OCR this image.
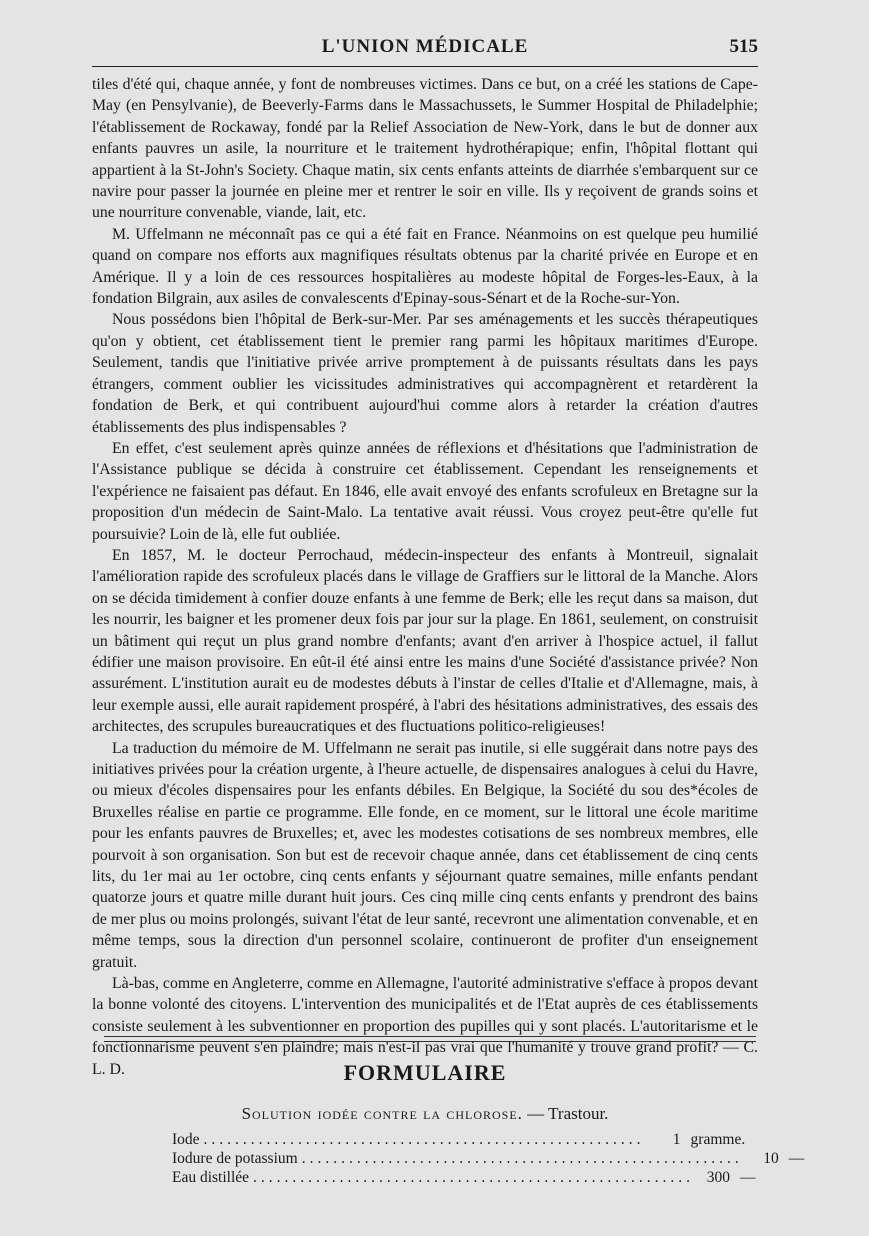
L'UNION MÉDICALE	515

tiles d'été qui, chaque année, y font de nombreuses victimes. Dans ce but, on a créé les stations de Cape-May (en Pensylvanie), de Beeverly-Farms dans le Massachussets, le Summer Hospital de Philadelphie; l'établissement de Rockaway, fondé par la Relief Association de New-York, dans le but de donner aux enfants pauvres un asile, la nourriture et le traitement hydrothérapique; enfin, l'hôpital flottant qui appartient à la St-John's Society. Chaque matin, six cents enfants atteints de diarrhée s'embarquent sur ce navire pour passer la journée en pleine mer et rentrer le soir en ville. Ils y reçoivent de grands soins et une nourriture convenable, viande, lait, etc.

M. Uffelmann ne méconnaît pas ce qui a été fait en France. Néanmoins on est quelque peu humilié quand on compare nos efforts aux magnifiques résultats obtenus par la charité privée en Europe et en Amérique. Il y a loin de ces ressources hospitalières au modeste hôpital de Forges-les-Eaux, à la fondation Bilgrain, aux asiles de convalescents d'Epinay-sous-Sénart et de la Roche-sur-Yon.

Nous possédons bien l'hôpital de Berk-sur-Mer. Par ses aménagements et les succès thérapeutiques qu'on y obtient, cet établissement tient le premier rang parmi les hôpitaux maritimes d'Europe. Seulement, tandis que l'initiative privée arrive promptement à de puissants résultats dans les pays étrangers, comment oublier les vicissitudes administratives qui accompagnèrent et retardèrent la fondation de Berk, et qui contribuent aujourd'hui comme alors à retarder la création d'autres établissements des plus indispensables ?

En effet, c'est seulement après quinze années de réflexions et d'hésitations que l'administration de l'Assistance publique se décida à construire cet établissement. Cependant les renseignements et l'expérience ne faisaient pas défaut. En 1846, elle avait envoyé des enfants scrofuleux en Bretagne sur la proposition d'un médecin de Saint-Malo. La tentative avait réussi. Vous croyez peut-être qu'elle fut poursuivie? Loin de là, elle fut oubliée.

En 1857, M. le docteur Perrochaud, médecin-inspecteur des enfants à Montreuil, signalait l'amélioration rapide des scrofuleux placés dans le village de Graffiers sur le littoral de la Manche. Alors on se décida timidement à confier douze enfants à une femme de Berk; elle les reçut dans sa maison, dut les nourrir, les baigner et les promener deux fois par jour sur la plage. En 1861, seulement, on construisit un bâtiment qui reçut un plus grand nombre d'enfants; avant d'en arriver à l'hospice actuel, il fallut édifier une maison provisoire. En eût-il été ainsi entre les mains d'une Société d'assistance privée? Non assurément. L'institution aurait eu de modestes débuts à l'instar de celles d'Italie et d'Allemagne, mais, à leur exemple aussi, elle aurait rapidement prospéré, à l'abri des hésitations administratives, des essais des architectes, des scrupules bureaucratiques et des fluctuations politico-religieuses!

La traduction du mémoire de M. Uffelmann ne serait pas inutile, si elle suggérait dans notre pays des initiatives privées pour la création urgente, à l'heure actuelle, de dispensaires analogues à celui du Havre, ou mieux d'écoles dispensaires pour les enfants débiles. En Belgique, la Société du sou des*écoles de Bruxelles réalise en partie ce programme. Elle fonde, en ce moment, sur le littoral une école maritime pour les enfants pauvres de Bruxelles; et, avec les modestes cotisations de ses nombreux membres, elle pourvoit à son organisation. Son but est de recevoir chaque année, dans cet établissement de cinq cents lits, du 1er mai au 1er octobre, cinq cents enfants y séjournant quatre semaines, mille enfants pendant quatorze jours et quatre mille durant huit jours. Ces cinq mille cinq cents enfants y prendront des bains de mer plus ou moins prolongés, suivant l'état de leur santé, recevront une alimentation convenable, et en même temps, sous la direction d'un personnel scolaire, continueront de profiter d'un enseignement gratuit.

Là-bas, comme en Angleterre, comme en Allemagne, l'autorité administrative s'efface à propos devant la bonne volonté des citoyens. L'intervention des municipalités et de l'Etat auprès de ces établissements consiste seulement à les subventionner en proportion des pupilles qui y sont placés. L'autoritarisme et le fonctionnarisme peuvent s'en plaindre; mais n'est-il pas vrai que l'humanité y trouve grand profit? — C. L. D.	FORMULAIRE
Solution iodée contre la chlorose. — Trastour.
Iode ........................................................	1 gramme.
Iodure de potassium ........................................................	10 —
Eau distillée ........................................................ 300 —
